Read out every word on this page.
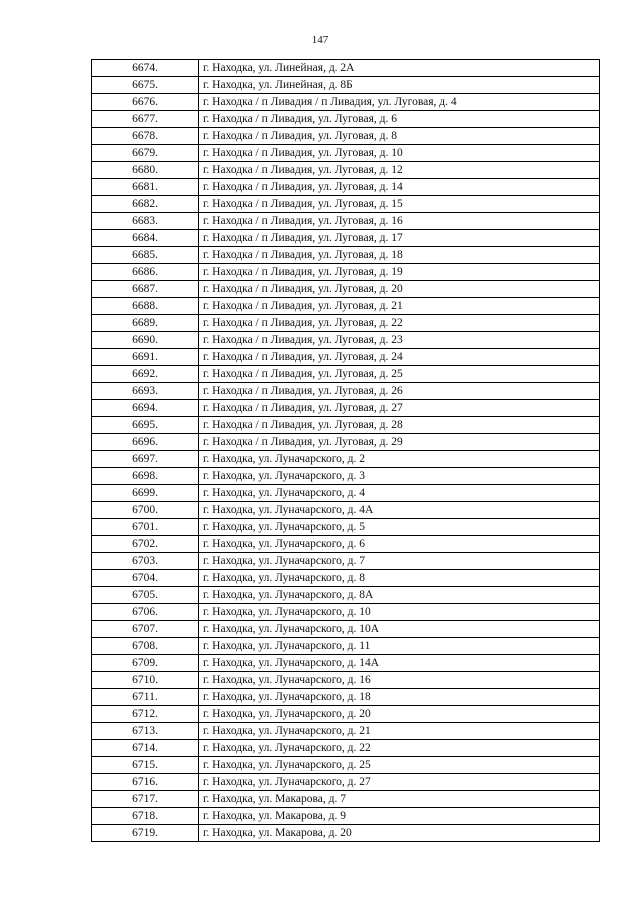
147
6674.	г. Находка, ул. Линейная, д. 2А
6675.	г. Находка, ул. Линейная, д. 8Б
6676.	г. Находка / п Ливадия / п Ливадия, ул. Луговая, д. 4
6677.	г. Находка / п Ливадия, ул. Луговая, д. 6
6678.	г. Находка / п Ливадия, ул. Луговая, д. 8
6679.	г. Находка / п Ливадия, ул. Луговая, д. 10
6680.	г. Находка / п Ливадия, ул. Луговая, д. 12
6681.	г. Находка / п Ливадия, ул. Луговая, д. 14
6682.	г. Находка / п Ливадия, ул. Луговая, д. 15
6683.	г. Находка / п Ливадия, ул. Луговая, д. 16
6684.	г. Находка / п Ливадия, ул. Луговая, д. 17
6685.	г. Находка / п Ливадия, ул. Луговая, д. 18
6686.	г. Находка / п Ливадия, ул. Луговая, д. 19
6687.	г. Находка / п Ливадия, ул. Луговая, д. 20
6688.	г. Находка / п Ливадия, ул. Луговая, д. 21
6689.	г. Находка / п Ливадия, ул. Луговая, д. 22
6690.	г. Находка / п Ливадия, ул. Луговая, д. 23
6691.	г. Находка / п Ливадия, ул. Луговая, д. 24
6692.	г. Находка / п Ливадия, ул. Луговая, д. 25
6693.	г. Находка / п Ливадия, ул. Луговая, д. 26
6694.	г. Находка / п Ливадия, ул. Луговая, д. 27
6695.	г. Находка / п Ливадия, ул. Луговая, д. 28
6696.	г. Находка / п Ливадия, ул. Луговая, д. 29
6697.	г. Находка, ул. Луначарского, д. 2
6698.	г. Находка, ул. Луначарского, д. 3
6699.	г. Находка, ул. Луначарского, д. 4
6700.	г. Находка, ул. Луначарского, д. 4А
6701.	г. Находка, ул. Луначарского, д. 5
6702.	г. Находка, ул. Луначарского, д. 6
6703.	г. Находка, ул. Луначарского, д. 7
6704.	г. Находка, ул. Луначарского, д. 8
6705.	г. Находка, ул. Луначарского, д. 8А
6706.	г. Находка, ул. Луначарского, д. 10
6707.	г. Находка, ул. Луначарского, д. 10А
6708.	г. Находка, ул. Луначарского, д. 11
6709.	г. Находка, ул. Луначарского, д. 14А
6710.	г. Находка, ул. Луначарского, д. 16
6711.	г. Находка, ул. Луначарского, д. 18
6712.	г. Находка, ул. Луначарского, д. 20
6713.	г. Находка, ул. Луначарского, д. 21
6714.	г. Находка, ул. Луначарского, д. 22
6715.	г. Находка, ул. Луначарского, д. 25
6716.	г. Находка, ул. Луначарского, д. 27
6717.	г. Находка, ул. Макарова, д. 7
6718.	г. Находка, ул. Макарова, д. 9
6719.	г. Находка, ул. Макарова, д. 20
